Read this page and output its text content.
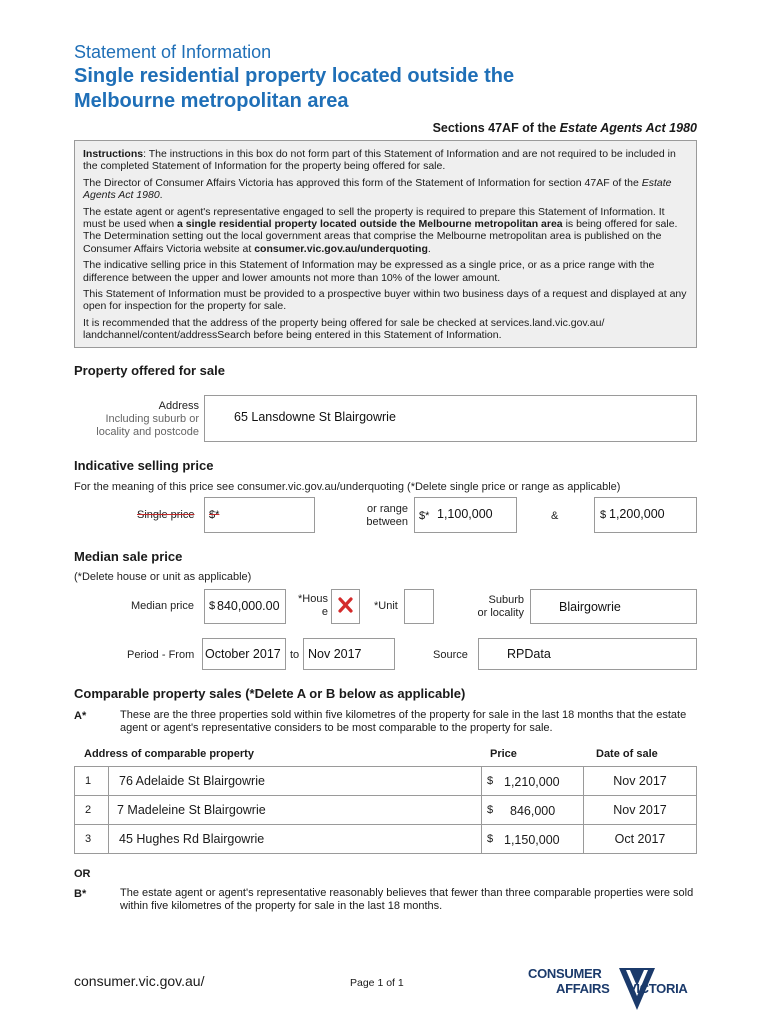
Statement of Information
Single residential property located outside the
Melbourne metropolitan area
Sections 47AF of the Estate Agents Act 1980

Instructions: The instructions in this box do not form part of this Statement of Information and are not required to be included in the completed Statement of Information for the property being offered for sale.

The Director of Consumer Affairs Victoria has approved this form of the Statement of Information for section 47AF of the Estate Agents Act 1980.

The estate agent or agent's representative engaged to sell the property is required to prepare this Statement of Information. It must be used when a single residential property located outside the Melbourne metropolitan area is being offered for sale. The Determination setting out the local government areas that comprise the Melbourne metropolitan area is published on the Consumer Affairs Victoria website at consumer.vic.gov.au/underquoting.

The indicative selling price in this Statement of Information may be expressed as a single price, or as a price range with the difference between the upper and lower amounts not more than 10% of the lower amount.

This Statement of Information must be provided to a prospective buyer within two business days of a request and displayed at any open for inspection for the property for sale.

It is recommended that the address of the property being offered for sale be checked at services.land.vic.gov.au/ landchannel/content/addressSearch before being entered in this Statement of Information.

Property offered for sale
Address
Including suburb or
locality and postcode
65 Lansdowne St Blairgowrie
Indicative selling price
For the meaning of this price see consumer.vic.gov.au/underquoting (*Delete single price or range as applicable)
Single price $*	or range
between $* 1,100,000	&	$ 1,200,000
Median sale price
(*Delete house or unit as applicable)
Median price $ 840,000.00	*Hous
e	*Unit	Suburb
or locality	Blairgowrie
Period - From October 2017 to Nov 2017	Source	RPData
Comparable property sales (*Delete A or B below as applicable)
A*	These are the three properties sold within five kilometres of the property for sale in the last 18 months that the estate agent or agent's representative considers to be most comparable to the property for sale.
Address of comparable property	Price	Date of sale
1	76 Adelaide St Blairgowrie	$ 1,210,000	Nov 2017
2	7 Madeleine St Blairgowrie	$ 846,000	Nov 2017
3	45 Hughes Rd Blairgowrie	$ 1,150,000	Oct 2017
OR
B*	The estate agent or agent's representative reasonably believes that fewer than three comparable properties were sold within five kilometres of the property for sale in the last 18 months.
consumer.vic.gov.au/	Page 1 of 1
CONSUMER
AFFAIRS VICTORIA
